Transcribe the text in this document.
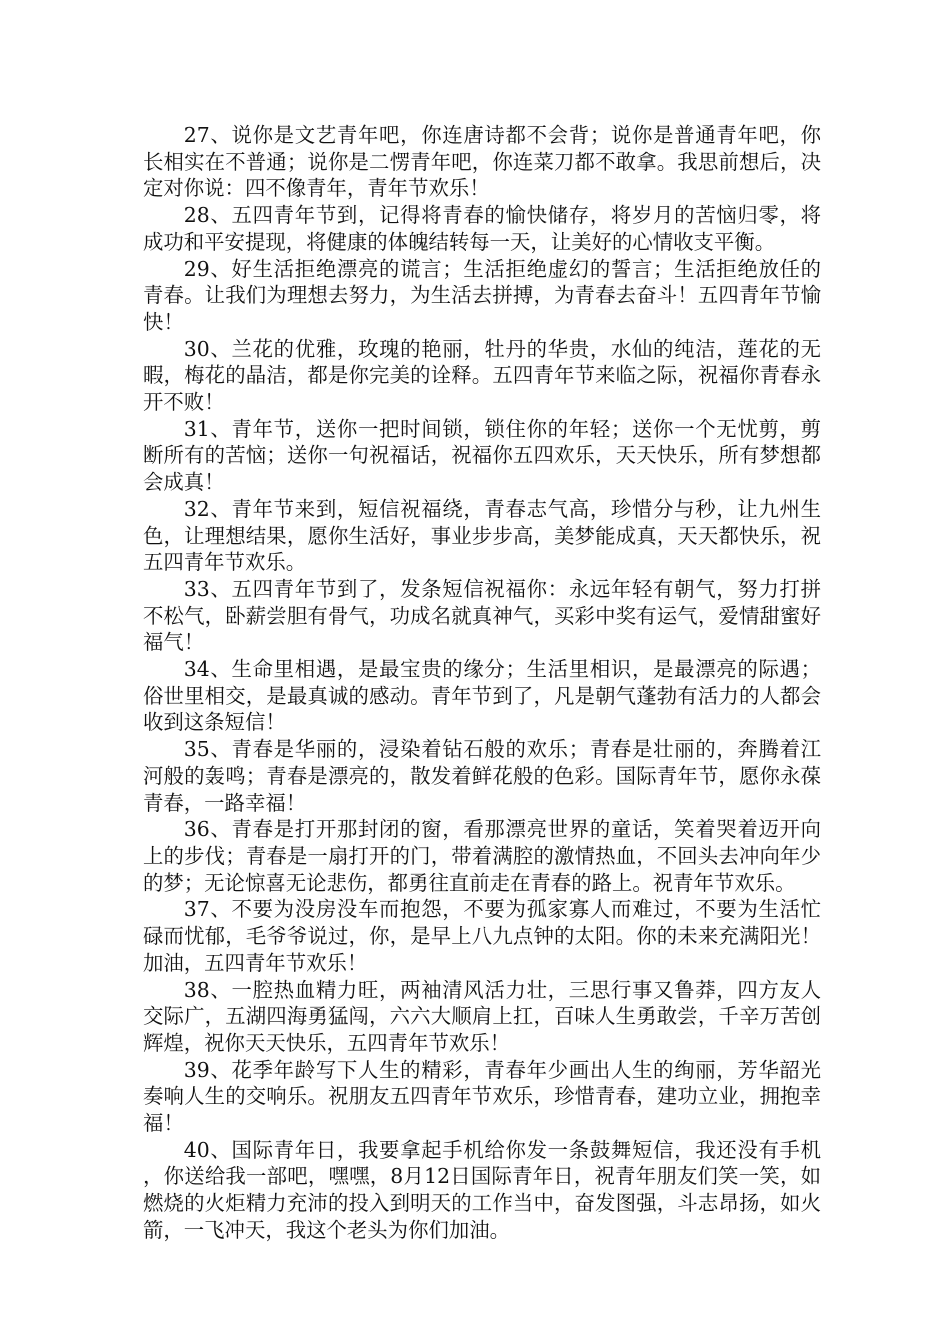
27、说你是文艺青年吧，你连唐诗都不会背；说你是普通青年吧，你长相实在不普通；说你是二愣青年吧，你连菜刀都不敢拿。我思前想后，决定对你说：四不像青年，青年节欢乐！

28、五四青年节到，记得将青春的愉快储存，将岁月的苦恼归零，将成功和平安提现，将健康的体魄结转每一天，让美好的心情收支平衡。

29、好生活拒绝漂亮的谎言；生活拒绝虚幻的誓言；生活拒绝放任的青春。让我们为理想去努力，为生活去拼搏，为青春去奋斗！五四青年节愉快！

30、兰花的优雅，玫瑰的艳丽，牡丹的华贵，水仙的纯洁，莲花的无暇，梅花的晶洁，都是你完美的诠释。五四青年节来临之际，祝福你青春永开不败！

31、青年节，送你一把时间锁，锁住你的年轻；送你一个无忧剪，剪断所有的苦恼；送你一句祝福话，祝福你五四欢乐，天天快乐，所有梦想都会成真！

32、青年节来到，短信祝福绕，青春志气高，珍惜分与秒，让九州生色，让理想结果，愿你生活好，事业步步高，美梦能成真，天天都快乐，祝五四青年节欢乐。

33、五四青年节到了，发条短信祝福你：永远年轻有朝气，努力打拼不松气，卧薪尝胆有骨气，功成名就真神气，买彩中奖有运气，爱情甜蜜好福气！

34、生命里相遇，是最宝贵的缘分；生活里相识，是最漂亮的际遇；俗世里相交，是最真诚的感动。青年节到了，凡是朝气蓬勃有活力的人都会收到这条短信！

35、青春是华丽的，浸染着钻石般的欢乐；青春是壮丽的，奔腾着江河般的轰鸣；青春是漂亮的，散发着鲜花般的色彩。国际青年节，愿你永葆青春，一路幸福！

36、青春是打开那封闭的窗，看那漂亮世界的童话，笑着哭着迈开向上的步伐；青春是一扇打开的门，带着满腔的激情热血，不回头去冲向年少的梦；无论惊喜无论悲伤，都勇往直前走在青春的路上。祝青年节欢乐。

37、不要为没房没车而抱怨，不要为孤家寡人而难过，不要为生活忙碌而忧郁，毛爷爷说过，你，是早上八九点钟的太阳。你的未来充满阳光！加油，五四青年节欢乐！

38、一腔热血精力旺，两袖清风活力壮，三思行事又鲁莽，四方友人交际广，五湖四海勇猛闯，六六大顺肩上扛，百味人生勇敢尝，千辛万苦创辉煌，祝你天天快乐，五四青年节欢乐！

39、花季年龄写下人生的精彩，青春年少画出人生的绚丽，芳华韶光奏响人生的交响乐。祝朋友五四青年节欢乐，珍惜青春，建功立业，拥抱幸福！

40、国际青年日，我要拿起手机给你发一条鼓舞短信，我还没有手机，你送给我一部吧，嘿嘿，8月12日国际青年日，祝青年朋友们笑一笑，如燃烧的火炬精力充沛的投入到明天的工作当中，奋发图强，斗志昂扬，如火箭，一飞冲天，我这个老头为你们加油。
